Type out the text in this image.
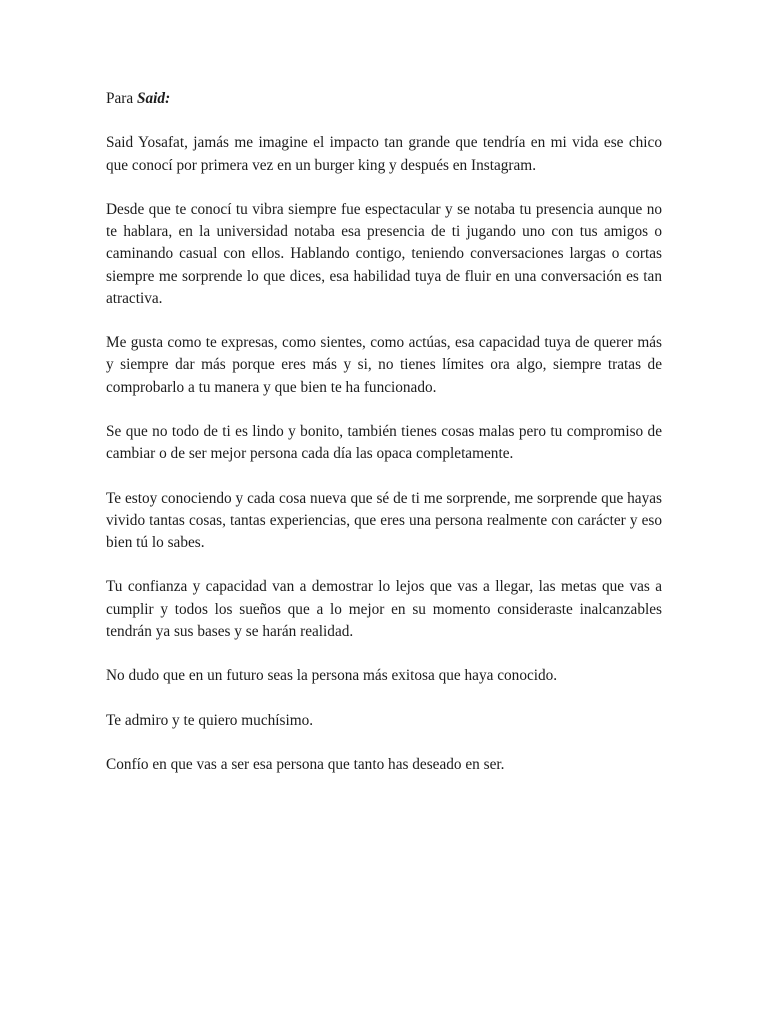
Para Said:

Said Yosafat, jamás me imagine el impacto tan grande que tendría en mi vida ese chico que conocí por primera vez en un burger king y después en Instagram.

Desde que te conocí tu vibra siempre fue espectacular y se notaba tu presencia aunque no te hablara, en la universidad notaba esa presencia de ti jugando uno con tus amigos o caminando casual con ellos. Hablando contigo, teniendo conversaciones largas o cortas siempre me sorprende lo que dices, esa habilidad tuya de fluir en una conversación es tan atractiva.

Me gusta como te expresas, como sientes, como actúas, esa capacidad tuya de querer más y siempre dar más porque eres más y si, no tienes límites ora algo, siempre tratas de comprobarlo a tu manera y que bien te ha funcionado.

Se que no todo de ti es lindo y bonito, también tienes cosas malas pero tu compromiso de cambiar o de ser mejor persona cada día las opaca completamente.

Te estoy conociendo y cada cosa nueva que sé de ti me sorprende, me sorprende que hayas vivido tantas cosas, tantas experiencias, que eres una persona realmente con carácter y eso bien tú lo sabes.

Tu confianza y capacidad van a demostrar lo lejos que vas a llegar, las metas que vas a cumplir y todos los sueños que a lo mejor en su momento consideraste inalcanzables tendrán ya sus bases y se harán realidad.

No dudo que en un futuro seas la persona más exitosa que haya conocido.

Te admiro y te quiero muchísimo.

Confío en que vas a ser esa persona que tanto has deseado en ser.
